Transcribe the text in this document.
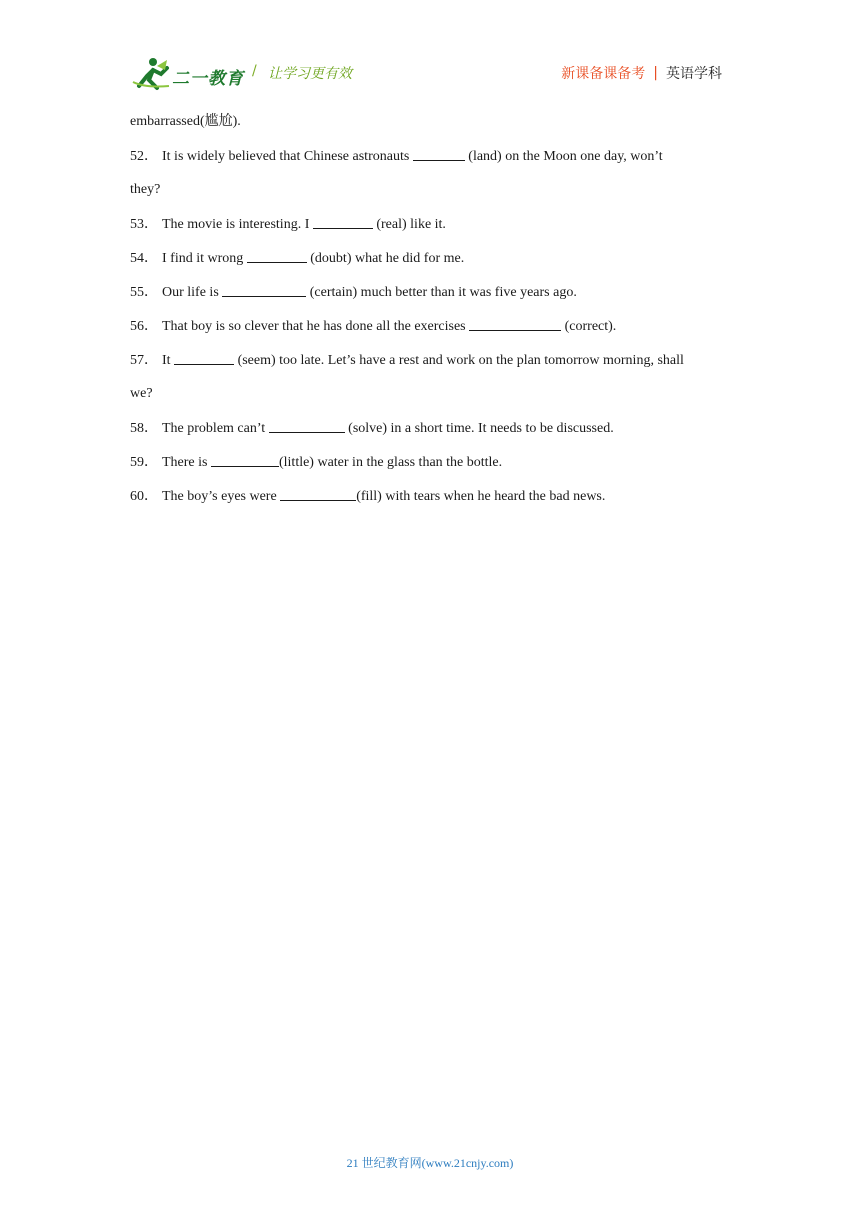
二一教育 / 让学习更有效	新课备课备考 | 英语学科
embarrassed(尴尬).
52． It is widely believed that Chinese astronauts	(land) on the Moon one day, won’t
they?
53． The movie is interesting. I	(real) like it.
54． I find it wrong	(doubt) what he did for me.
55． Our life is	(certain) much better than it was five years ago.
56． That boy is so clever that he has done all the exercises	(correct).
57． It	(seem) too late. Let’s have a rest and work on the plan tomorrow morning, shall
we?
58． The problem can’t	(solve) in a short time. It needs to be discussed.
59． There is	(little) water in the glass than the bottle.
60． The boy’s eyes were	(fill) with tears when he heard the bad news.
21 世纪教育网(www.21cnjy.com)
